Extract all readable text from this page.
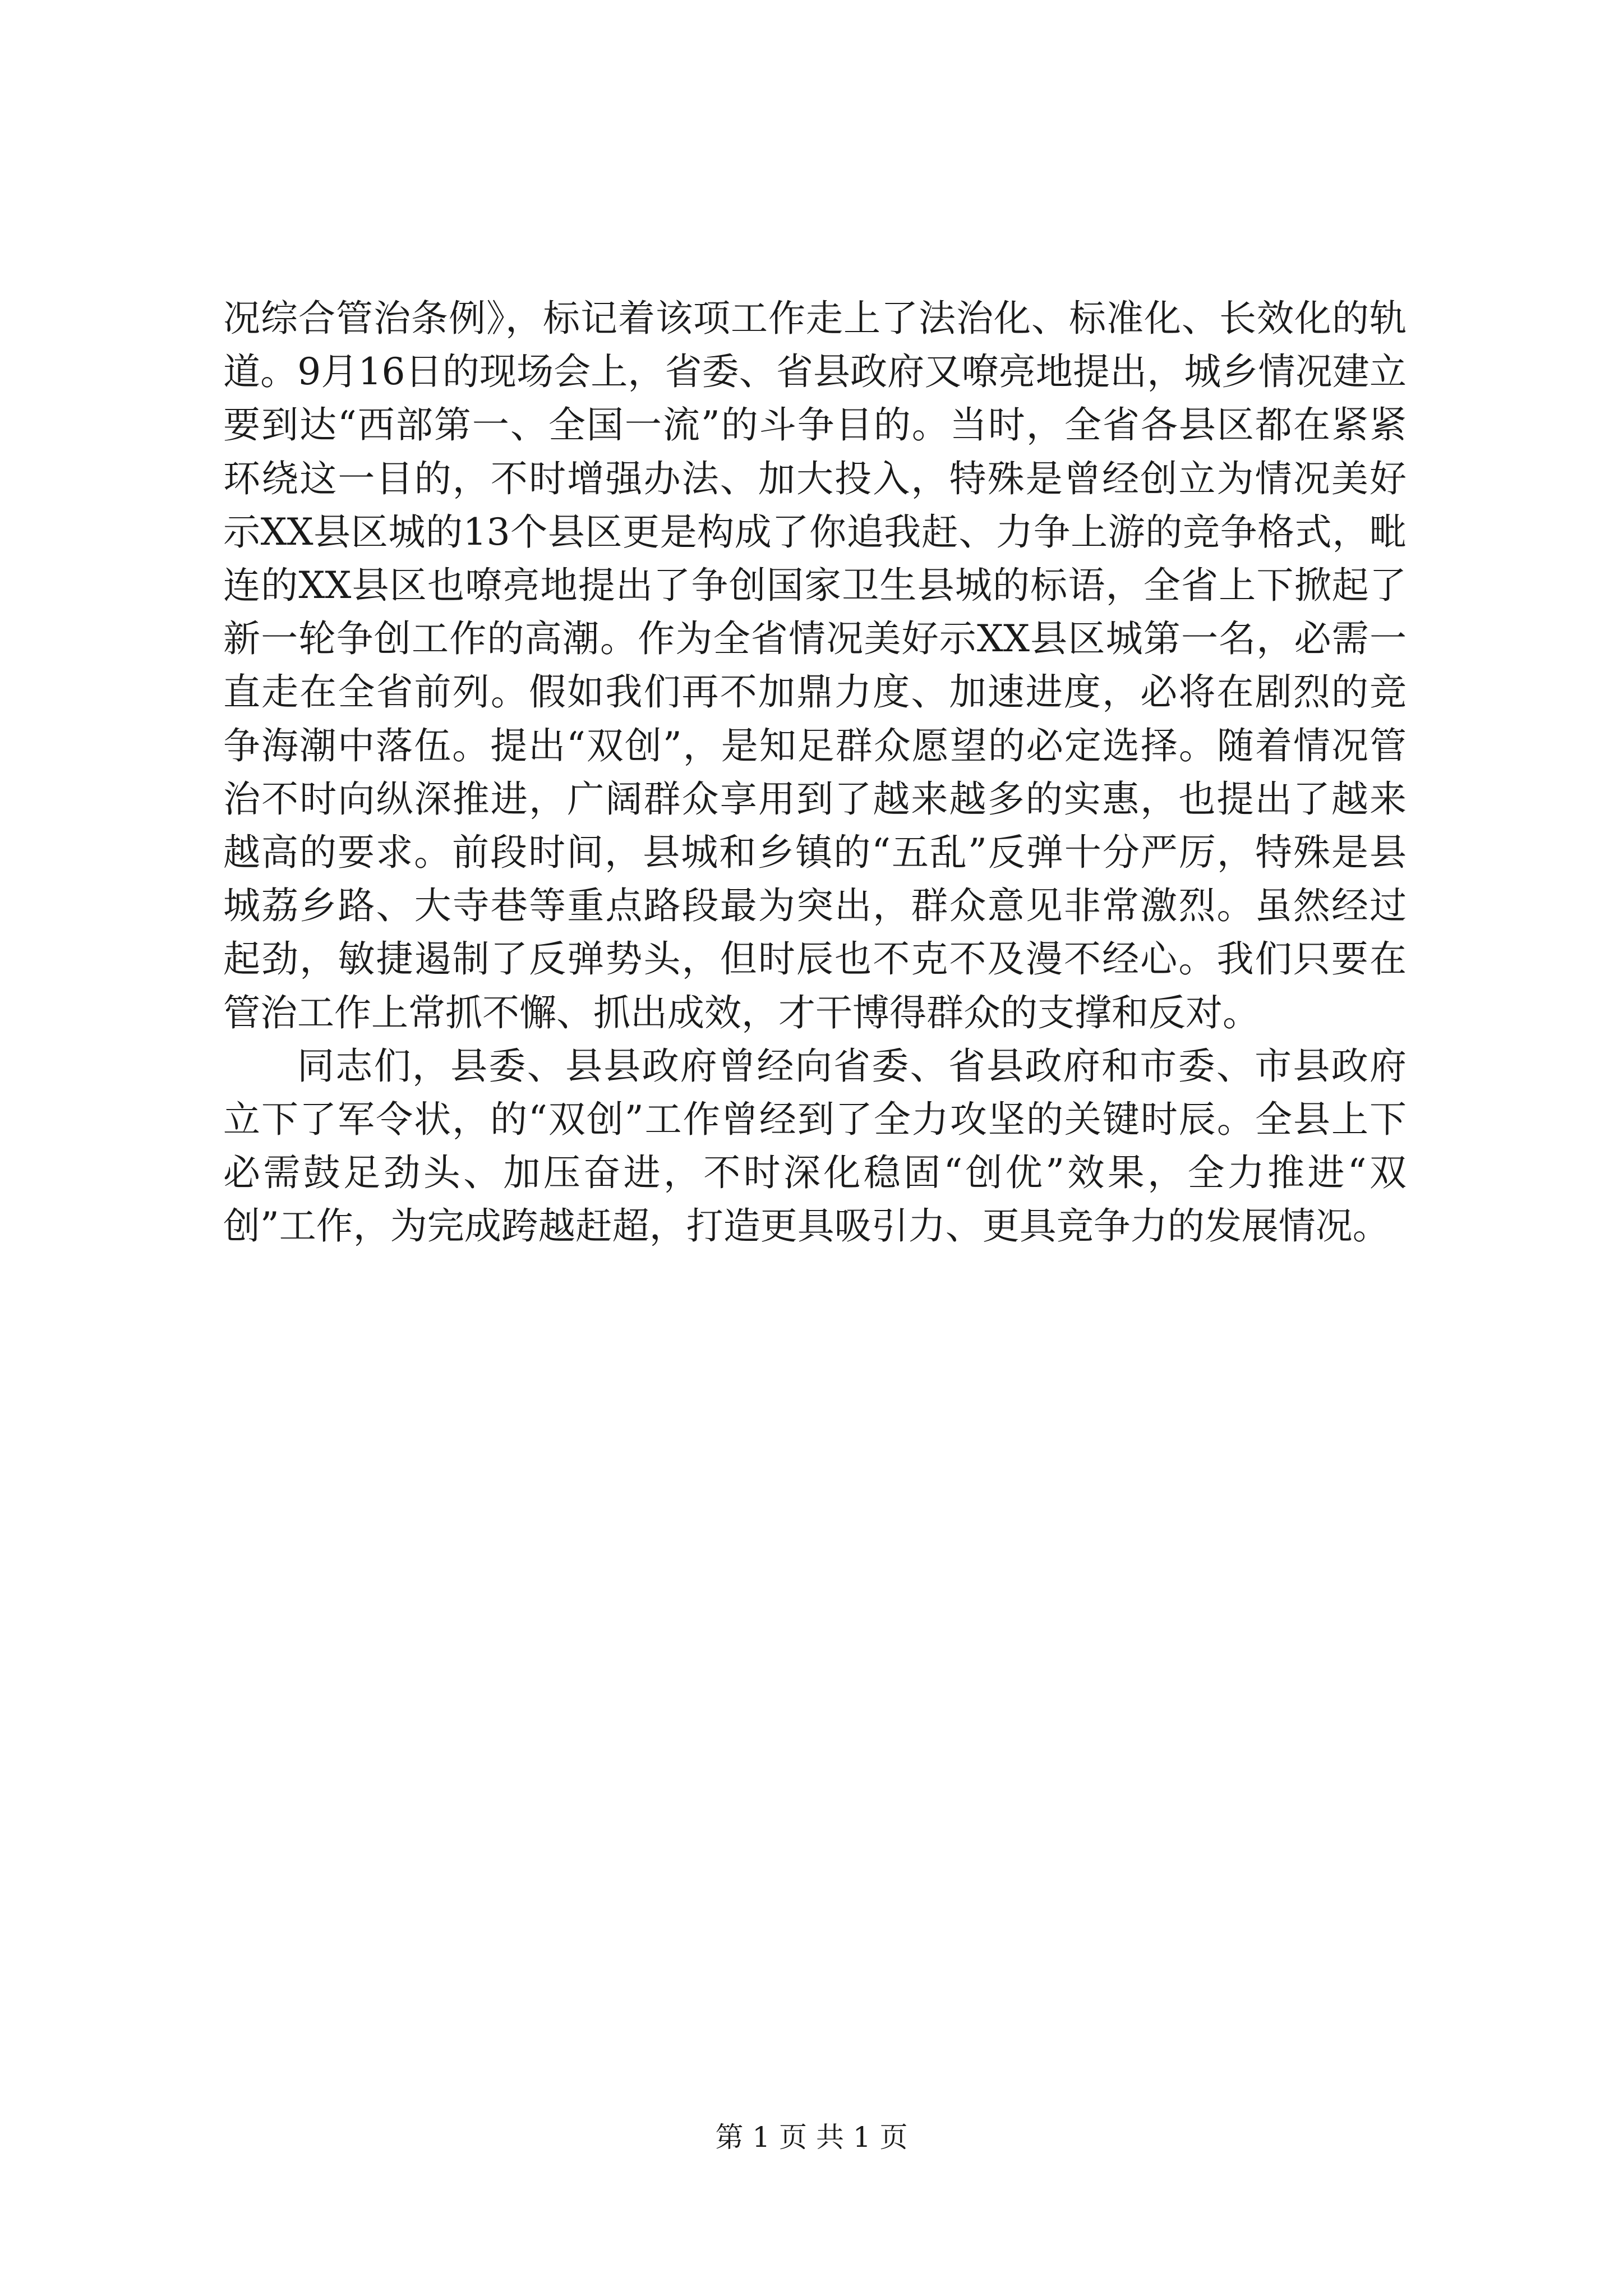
况综合管治条例》，标记着该项工作走上了法治化、标准化、长效化的轨道。9月16日的现场会上，省委、省县政府又嘹亮地提出，城乡情况建立要到达“西部第一、全国一流”的斗争目的。当时，全省各县区都在紧紧环绕这一目的，不时增强办法、加大投入，特殊是曾经创立为情况美好示XX县区城的13个县区更是构成了你追我赶、力争上游的竞争格式，毗连的XX县区也嘹亮地提出了争创国家卫生县城的标语，全省上下掀起了新一轮争创工作的高潮。作为全省情况美好示XX县区城第一名，必需一直走在全省前列。假如我们再不加鼎力度、加速进度，必将在剧烈的竞争海潮中落伍。提出“双创”，是知足群众愿望的必定选择。随着情况管治不时向纵深推进，广阔群众享用到了越来越多的实惠，也提出了越来越高的要求。前段时间，县城和乡镇的“五乱”反弹十分严厉，特殊是县城荔乡路、大寺巷等重点路段最为突出，群众意见非常激烈。虽然经过起劲，敏捷遏制了反弹势头，但时辰也不克不及漫不经心。我们只要在管治工作上常抓不懈、抓出成效，才干博得群众的支撑和反对。

同志们，县委、县县政府曾经向省委、省县政府和市委、市县政府立下了军令状，的“双创”工作曾经到了全力攻坚的关键时辰。全县上下必需鼓足劲头、加压奋进，不时深化稳固“创优”效果，全力推进“双创”工作，为完成跨越赶超，打造更具吸引力、更具竞争力的发展情况。

第 1 页 共 1 页
